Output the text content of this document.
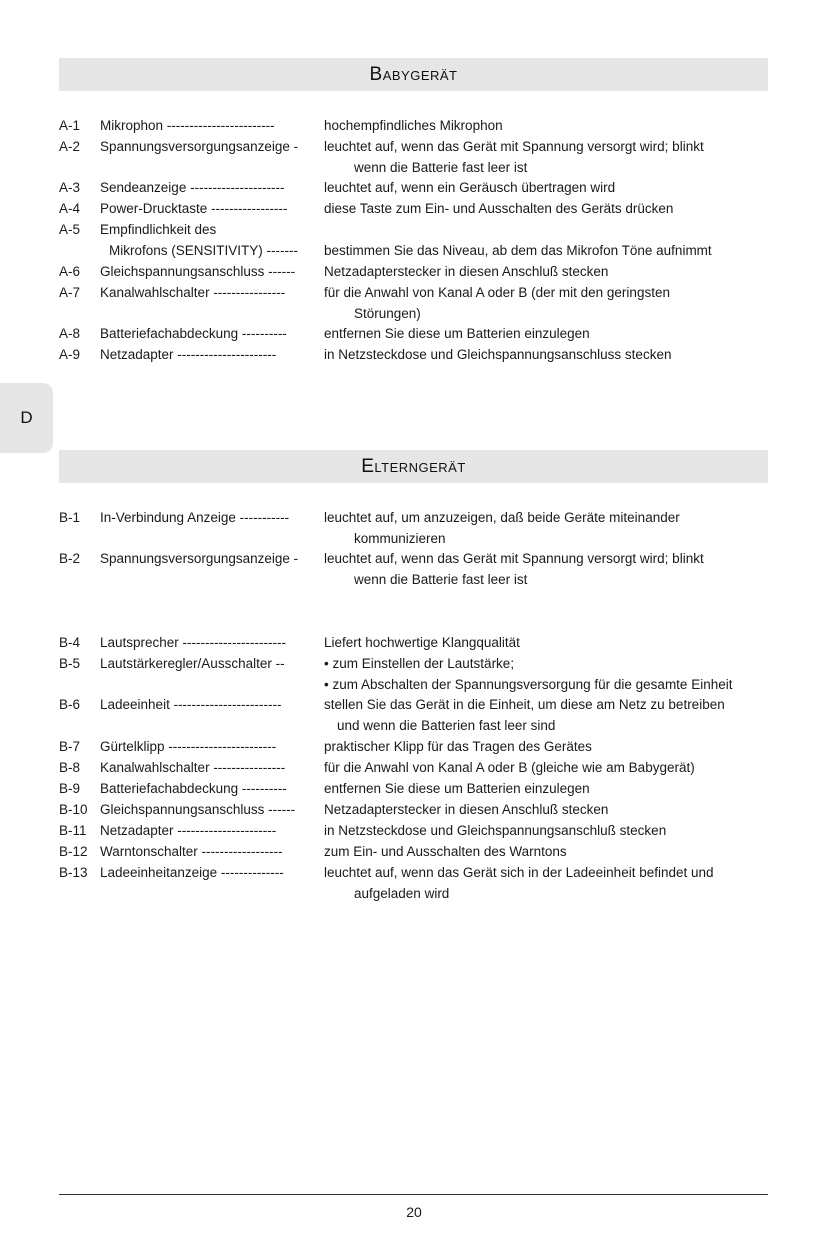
Babygerät
A-1	Mikrophon ------------------------	hochempfindliches Mikrophon
A-2	Spannungsversorgungsanzeige -	leuchtet auf, wenn das Gerät mit Spannung versorgt wird; blinkt
wenn die Batterie fast leer ist
A-3	Sendeanzeige ---------------------	leuchtet auf, wenn ein Geräusch übertragen wird
A-4	Power-Drucktaste -----------------	diese Taste zum Ein- und Ausschalten des Geräts drücken
A-5	Empfindlichkeit des
Mikrofons (SENSITIVITY) -------	bestimmen Sie das Niveau, ab dem das Mikrofon Töne aufnimmt
A-6	Gleichspannungsanschluss ------	Netzadapterstecker in diesen Anschluß stecken
A-7	Kanalwahlschalter ----------------	für die Anwahl von Kanal A oder B (der mit den geringsten
Störungen)
A-8	Batteriefachabdeckung ----------	entfernen Sie diese um Batterien einzulegen
A-9	Netzadapter ----------------------	in Netzsteckdose und Gleichspannungsanschluss stecken
D
Elterngerät
B-1	In-Verbindung Anzeige -----------	leuchtet auf, um anzuzeigen, daß beide Geräte miteinander
kommunizieren
B-2	Spannungsversorgungsanzeige -	leuchtet auf, wenn das Gerät mit Spannung versorgt wird; blinkt
wenn die Batterie fast leer ist
B-4	Lautsprecher -----------------------	Liefert hochwertige Klangqualität
B-5	Lautstärkeregler/Ausschalter --	• zum Einstellen der Lautstärke;
• zum Abschalten der Spannungsversorgung für die gesamte Einheit
B-6	Ladeeinheit ------------------------	stellen Sie das Gerät in die Einheit, um diese am Netz zu betreiben
und wenn die Batterien fast leer sind
B-7	Gürtelklipp ------------------------	praktischer Klipp für das Tragen des Gerätes
B-8	Kanalwahlschalter ----------------	für die Anwahl von Kanal A oder B (gleiche wie am Babygerät)
B-9	Batteriefachabdeckung ----------	entfernen Sie diese um Batterien einzulegen
B-10 Gleichspannungsanschluss ------	Netzadapterstecker in diesen Anschluß stecken
B-11 Netzadapter ----------------------	in Netzsteckdose und Gleichspannungsanschluß stecken
B-12 Warntonschalter ------------------	zum Ein- und Ausschalten des Warntons
B-13 Ladeeinheitanzeige --------------	leuchtet auf, wenn das Gerät sich in der Ladeeinheit befindet und
aufgeladen wird
20
